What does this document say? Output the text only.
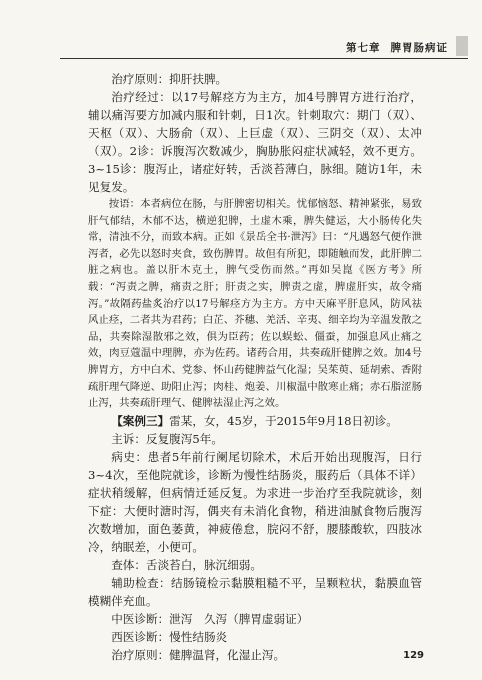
第七章 脾胃肠病证

治疗原则：抑肝扶脾。

治疗经过：以17号解痉方为主方，加4号脾胃方进行治疗，辅以痛泻要方加减内服和针刺，日1次。针刺取穴：期门（双）、天枢（双）、大肠俞（双）、上巨虚（双）、三阴交（双）、太冲（双）。2诊：诉腹泻次数减少，胸胁胀闷症状减轻，效不更方。3~15诊：腹泻止，诸症好转，舌淡苔薄白，脉细。随访1年，未见复发。

按语：本者病位在肠，与肝脾密切相关。忧郁恼怒、精神紧张，易致肝气郁结，木郁不达，横逆犯脾，土虚木乘，脾失健运，大小肠传化失常，清浊不分，而致本病。正如《景岳全书·泄泻》曰：“凡遇怒气便作泄泻者，必先以怒时夹食，致伤脾胃。故但有所犯，即随触而发，此肝脾二脏之病也。盖以肝木克土，脾气受伤而然。”再如吴崑《医方考》所载：“泻责之脾，痛责之肝；肝责之实，脾责之虚，脾虚肝实，故令痛泻。”故隔药盐炙治疗以17号解痉方为主方。方中天麻平肝息风，防风祛风止痉，二者共为君药；白芷、芥穗、羌活、辛夷、细辛均为辛温发散之品，共奏除湿散邪之效，俱为臣药；佐以蜈蚣、僵蚕，加强息风止痛之效，肉豆蔻温中理脾，亦为佐药。诸药合用，共奏疏肝健脾之效。加4号脾胃方，方中白术、党参、怀山药健脾益气化湿；吴茱萸、延胡索、香附疏肝理气降逆、助阳止泻；肉桂、炮姜、川椒温中散寒止痛；赤石脂涩肠止泻，共奏疏肝理气、健脾祛湿止泻之效。

【案例三】雷某，女，45岁，于2015年9月18日初诊。

主诉：反复腹泻5年。

病史：患者5年前行阑尾切除术，术后开始出现腹泻，日行3~4次，至他院就诊，诊断为慢性结肠炎，服药后（具体不详）症状稍缓解，但病情迁延反复。为求进一步治疗至我院就诊，刻下症：大便时溏时泻，偶夹有未消化食物，稍进油腻食物后腹泻次数增加，面色萎黄，神疲倦怠，脘闷不舒，腰膝酸软，四肢冰冷，纳眠差，小便可。

查体：舌淡苔白，脉沉细弱。

辅助检查：结肠镜检示黏膜粗糙不平，呈颗粒状，黏膜血管模糊伴充血。

中医诊断：泄泻　久泻（脾胃虚弱证）

西医诊断：慢性结肠炎

治疗原则：健脾温肾，化湿止泻。	129
